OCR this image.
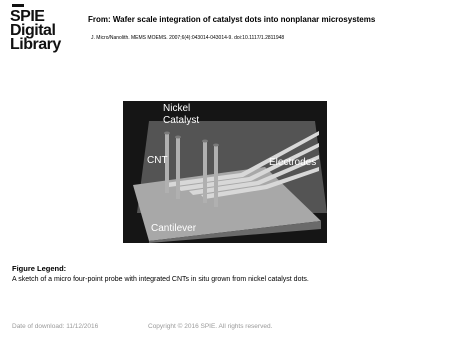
SPIE
Digital
Library
From: Wafer scale integration of catalyst dots into nonplanar microsystems
J. Micro/Nanolith. MEMS MOEMS. 2007;6(4):043014-043014-9. doi:10.1117/1.2811948
Nickel
Catalyst
CNT	Electrodes
Cantilever
Figure Legend:
A sketch of a micro four-point probe with integrated CNTs in situ grown from nickel catalyst dots.
Date of download: 11/12/2016	Copyright © 2016 SPIE. All rights reserved.
